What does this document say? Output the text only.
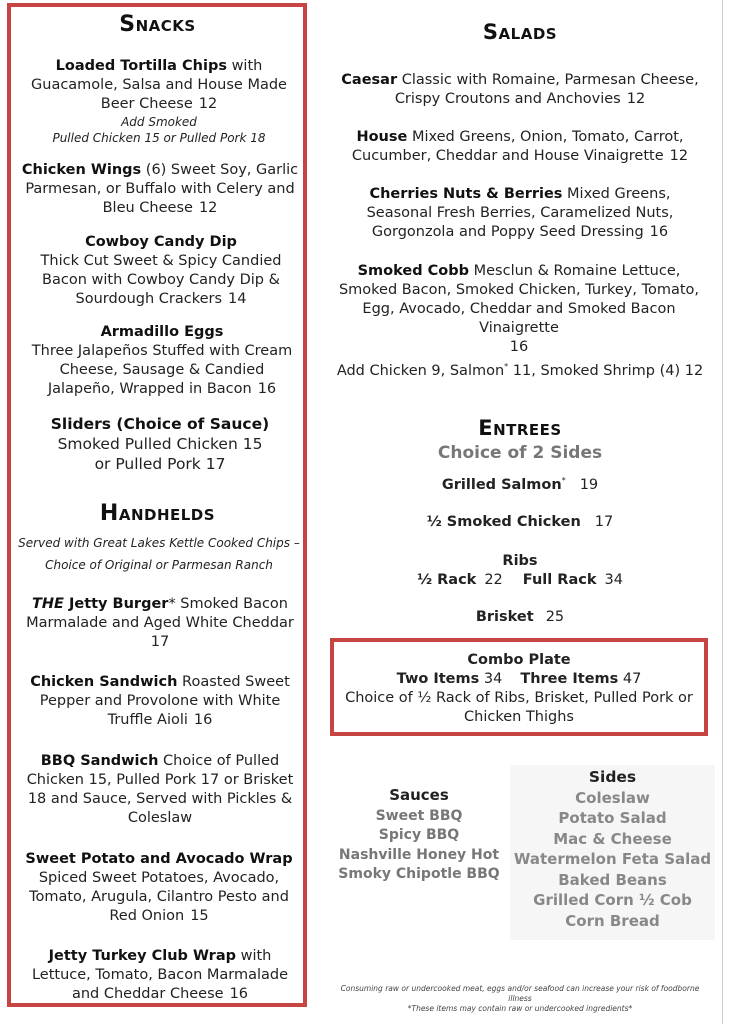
Snacks
Loaded Tortilla Chips with Guacamole, Salsa and House Made Beer Cheese 12
Add Smoked
Pulled Chicken 15 or Pulled Pork 18
Chicken Wings (6) Sweet Soy, Garlic Parmesan, or Buffalo with Celery and Bleu Cheese 12
Cowboy Candy Dip
Thick Cut Sweet & Spicy Candied Bacon with Cowboy Candy Dip & Sourdough Crackers 14
Armadillo Eggs
Three Jalapeños Stuffed with Cream Cheese, Sausage & Candied Jalapeño, Wrapped in Bacon 16
Sliders (Choice of Sauce)
Smoked Pulled Chicken 15
or Pulled Pork 17
Handhelds
Served with Great Lakes Kettle Cooked Chips –
Choice of Original or Parmesan Ranch
THE Jetty Burger* Smoked Bacon Marmalade and Aged White Cheddar
17
Chicken Sandwich Roasted Sweet Pepper and Provolone with White Truffle Aioli 16
BBQ Sandwich Choice of Pulled Chicken 15, Pulled Pork 17 or Brisket 18 and Sauce, Served with Pickles & Coleslaw
Sweet Potato and Avocado Wrap
Spiced Sweet Potatoes, Avocado, Tomato, Arugula, Cilantro Pesto and Red Onion 15
Jetty Turkey Club Wrap with Lettuce, Tomato, Bacon Marmalade and Cheddar Cheese 16
Salads
Caesar Classic with Romaine, Parmesan Cheese, Crispy Croutons and Anchovies 12
House Mixed Greens, Onion, Tomato, Carrot, Cucumber, Cheddar and House Vinaigrette 12
Cherries Nuts & Berries Mixed Greens, Seasonal Fresh Berries, Caramelized Nuts, Gorgonzola and Poppy Seed Dressing 16
Smoked Cobb Mesclun & Romaine Lettuce, Smoked Bacon, Smoked Chicken, Turkey, Tomato, Egg, Avocado, Cheddar and Smoked Bacon Vinaigrette
16
Add Chicken 9, Salmon* 11, Smoked Shrimp (4) 12
Entrees
Choice of 2 Sides
Grilled Salmon* 19
½ Smoked Chicken 17
Ribs
½ Rack 22 Full Rack 34
Brisket 25
Combo Plate
Two Items 34 Three Items 47
Choice of ½ Rack of Ribs, Brisket, Pulled Pork or Chicken Thighs
Sauces
Sweet BBQ
Spicy BBQ
Nashville Honey Hot
Smoky Chipotle BBQ
Sides
Coleslaw
Potato Salad
Mac & Cheese
Watermelon Feta Salad
Baked Beans
Grilled Corn ½ Cob
Corn Bread
Consuming raw or undercooked meat, eggs and/or seafood can increase your risk of foodborne illness
*These items may contain raw or undercooked ingredients*
